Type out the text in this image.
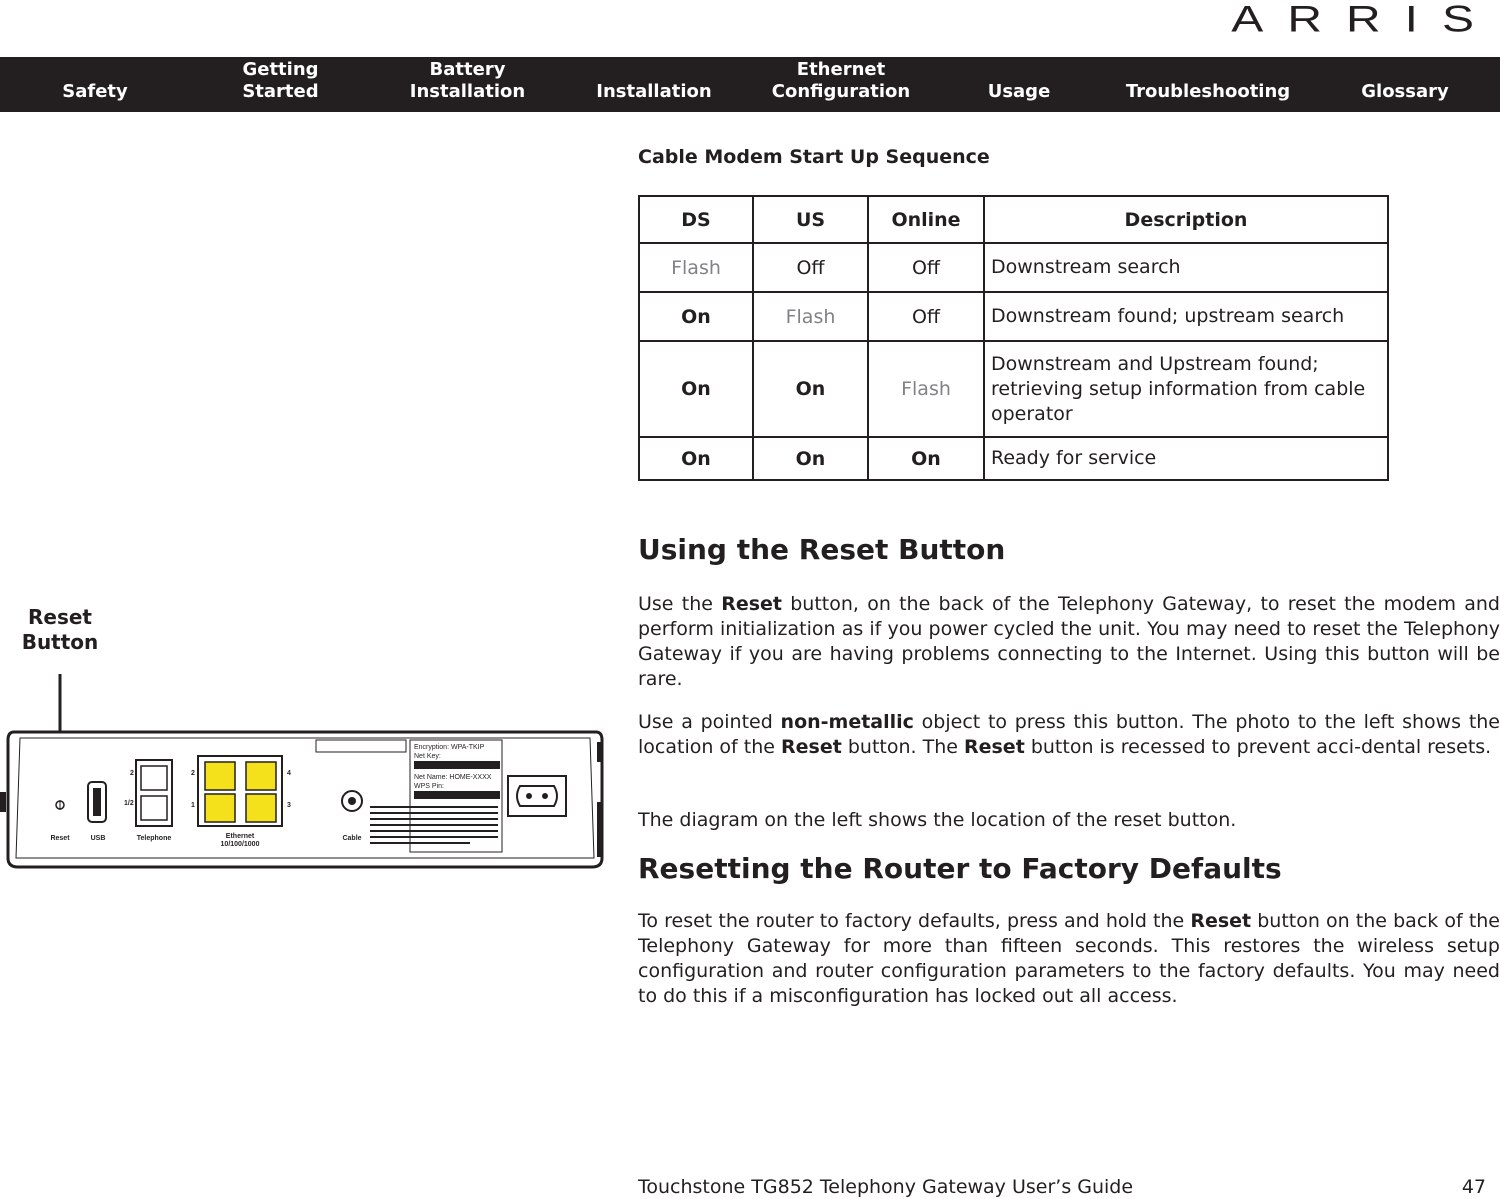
ARRIS
Safety
Getting
Started
Battery
Installation	Installation
Ethernet
Conﬁguration	Usage	Troubleshooting	Glossary
Cable Modem Start Up Sequence
DS	US	Online	Description
Flash	Off	Off	Downstream search
On	Flash	Off	Downstream found; upstream search
On	On	Flash	Downstream and Upstream found; retrieving setup information from cable operator
On	On	On	Ready for service
Using the Reset Button

Use the Reset button, on the back of the Telephony Gateway, to reset the modem and perform initialization as if you power cycled the unit. You may need to reset the Telephony Gateway if you are having problems connecting to the Internet. Using this button will be rare.

Use a pointed non-metallic object to press this button. The photo to the left shows the location of the Reset button. The Reset button is recessed to prevent acci-dental resets.

The diagram on the left shows the location of the reset button.

Resetting the Router to Factory Defaults

To reset the router to factory defaults, press and hold the Reset button on the back of the Telephony Gateway for more than ﬁfteen seconds. This restores the wireless setup conﬁguration and router conﬁguration parameters to the factory defaults. You may need to do this if a misconﬁguration has locked out all access.

Reset
Button
Reset	USB
2
1/2
Telephone
2
1
4
3
Ethernet
10/100/1000
Cable
Encryption: WPA-TKIP
Net Key:
Net Name: HOME-XXXX
WPS Pin:
Touchstone TG852 Telephony Gateway User’s Guide	47
